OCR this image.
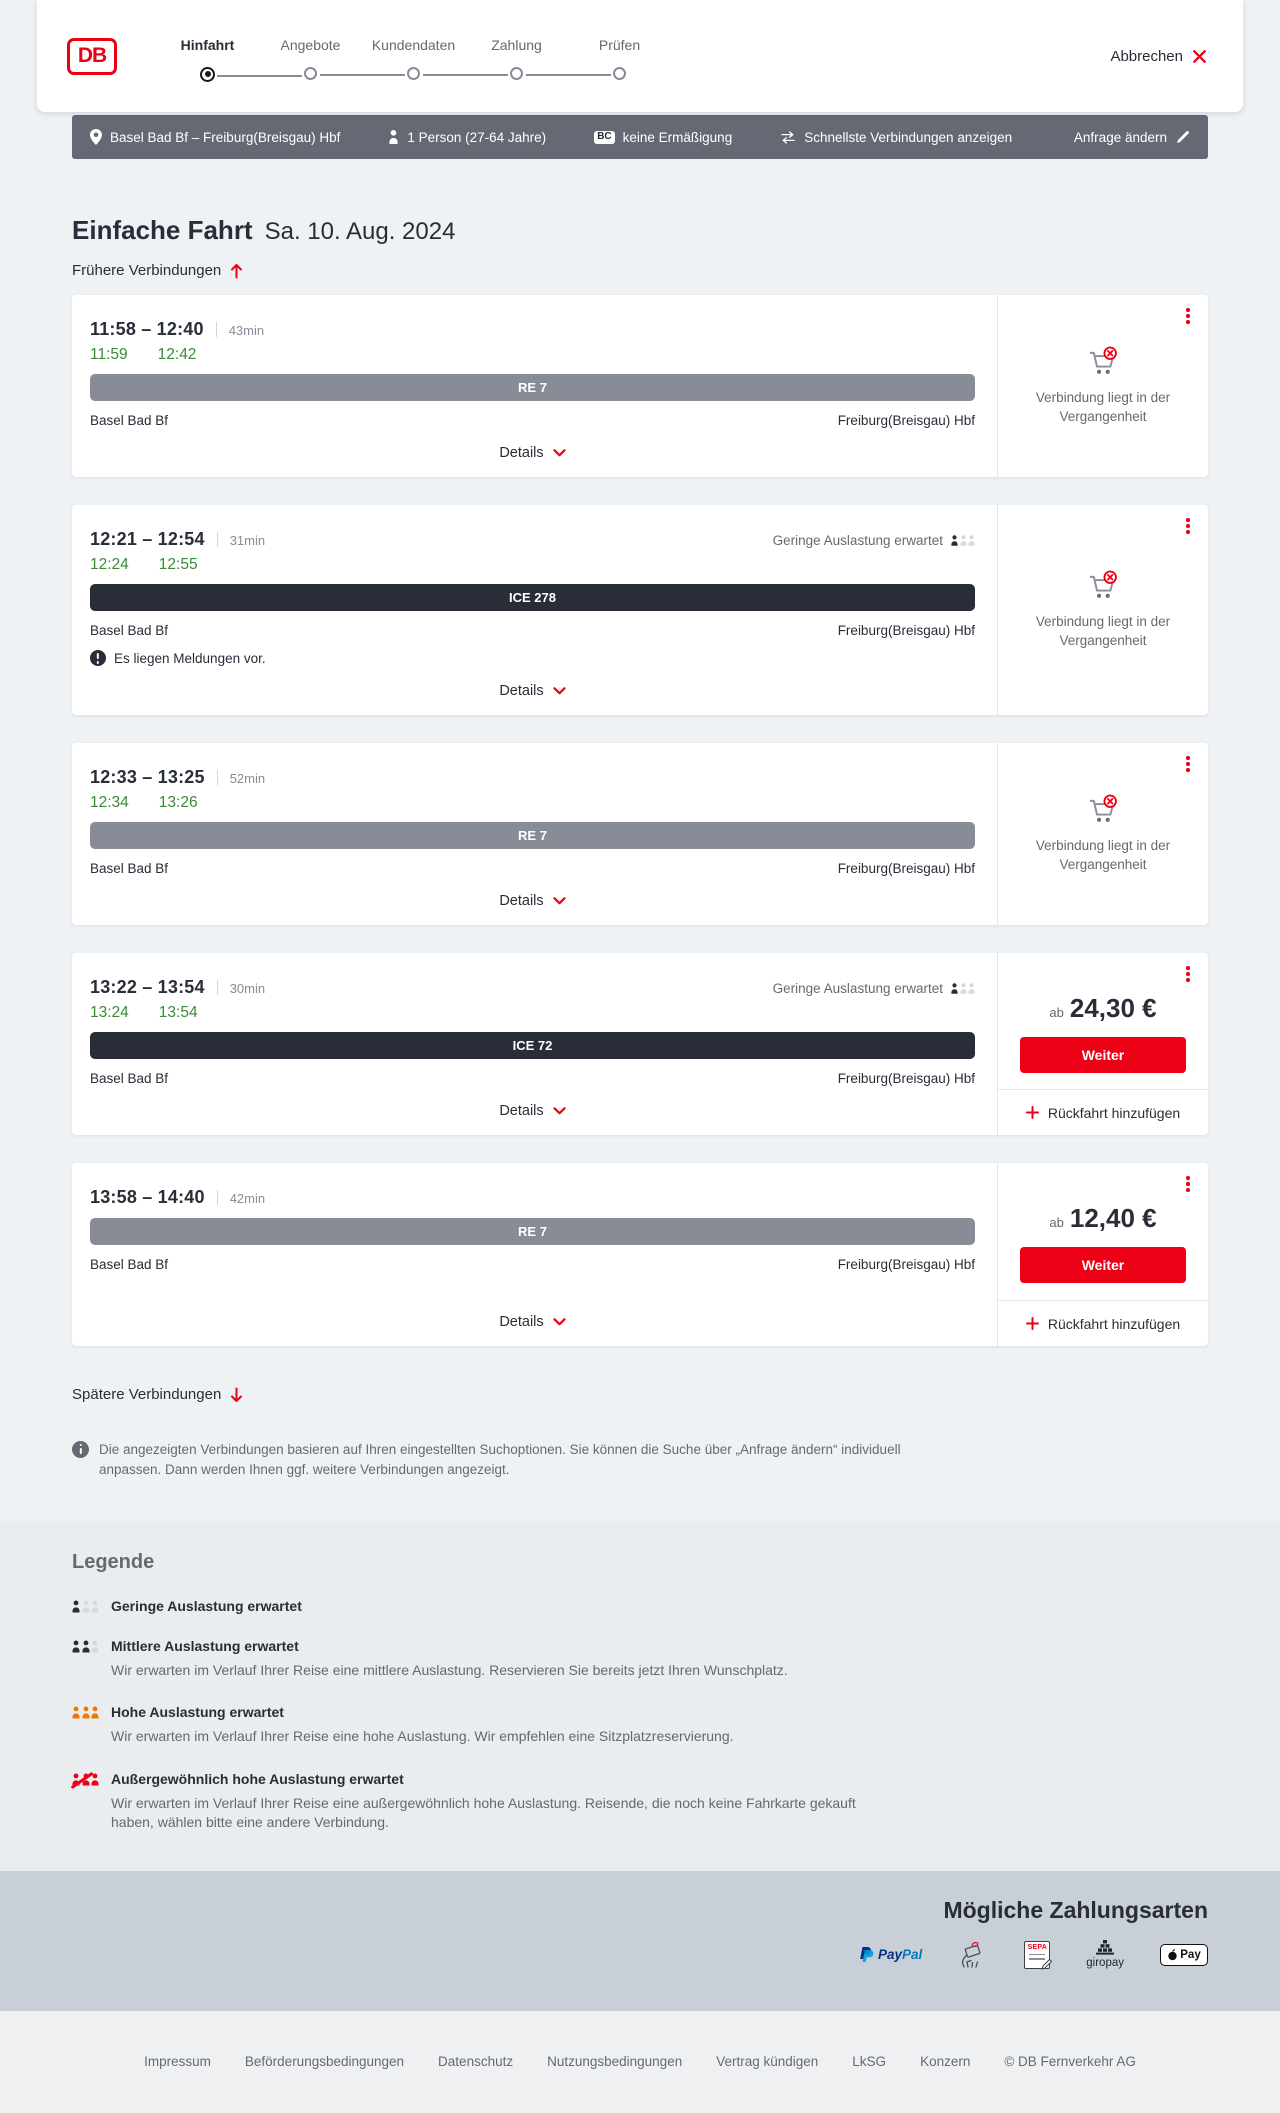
DB	Hinfahrt	Angebote Kundendaten	Zahlung	Prüfen
Abbrechen
Basel Bad Bf – Freiburg(Breisgau) Hbf	1 Person (27-64 Jahre)	BC keine Ermäßigung	Schnellste Verbindungen anzeigen	Anfrage ändern
Einfache Fahrt Sa. 10. Aug. 2024
Frühere Verbindungen
11:58 – 12:40 43min
11:59 12:42
RE 7
Basel Bad Bf	Freiburg(Breisgau) Hbf
Details
Verbindung liegt in der Vergangenheit
12:21 – 12:54 31min	Geringe Auslastung erwartet
12:24 12:55
ICE 278
Basel Bad Bf	Freiburg(Breisgau) Hbf
Es liegen Meldungen vor.
Details
Verbindung liegt in der Vergangenheit
12:33 – 13:25 52min
12:34 13:26
RE 7
Basel Bad Bf	Freiburg(Breisgau) Hbf
Details
Verbindung liegt in der Vergangenheit
13:22 – 13:54 30min	Geringe Auslastung erwartet
13:24 13:54
ICE 72
Basel Bad Bf	Freiburg(Breisgau) Hbf
Details
ab 24,30 €
Weiter
Rückfahrt hinzufügen
13:58 – 14:40 42min
RE 7
Basel Bad Bf	Freiburg(Breisgau) Hbf
Details
ab 12,40 €
Weiter
Rückfahrt hinzufügen
Spätere Verbindungen

Die angezeigten Verbindungen basieren auf Ihren eingestellten Suchoptionen. Sie können die Suche über „Anfrage ändern“ individuell anpassen. Dann werden Ihnen ggf. weitere Verbindungen angezeigt.

Legende
Geringe Auslastung erwartet
Mittlere Auslastung erwartet
Wir erwarten im Verlauf Ihrer Reise eine mittlere Auslastung. Reservieren Sie bereits jetzt Ihren Wunschplatz.
Hohe Auslastung erwartet
Wir erwarten im Verlauf Ihrer Reise eine hohe Auslastung. Wir empfehlen eine Sitzplatzreservierung.
Außergewöhnlich hohe Auslastung erwartet
Wir erwarten im Verlauf Ihrer Reise eine außergewöhnlich hohe Auslastung. Reisende, die noch keine Fahrkarte gekauft haben, wählen bitte eine andere Verbindung.
Mögliche Zahlungsarten
PayPal	SEPA
giropay
Pay
Impressum	Beförderungsbedingungen	Datenschutz	Nutzungsbedingungen	Vertrag kündigen	LkSG	Konzern	© DB Fernverkehr AG
